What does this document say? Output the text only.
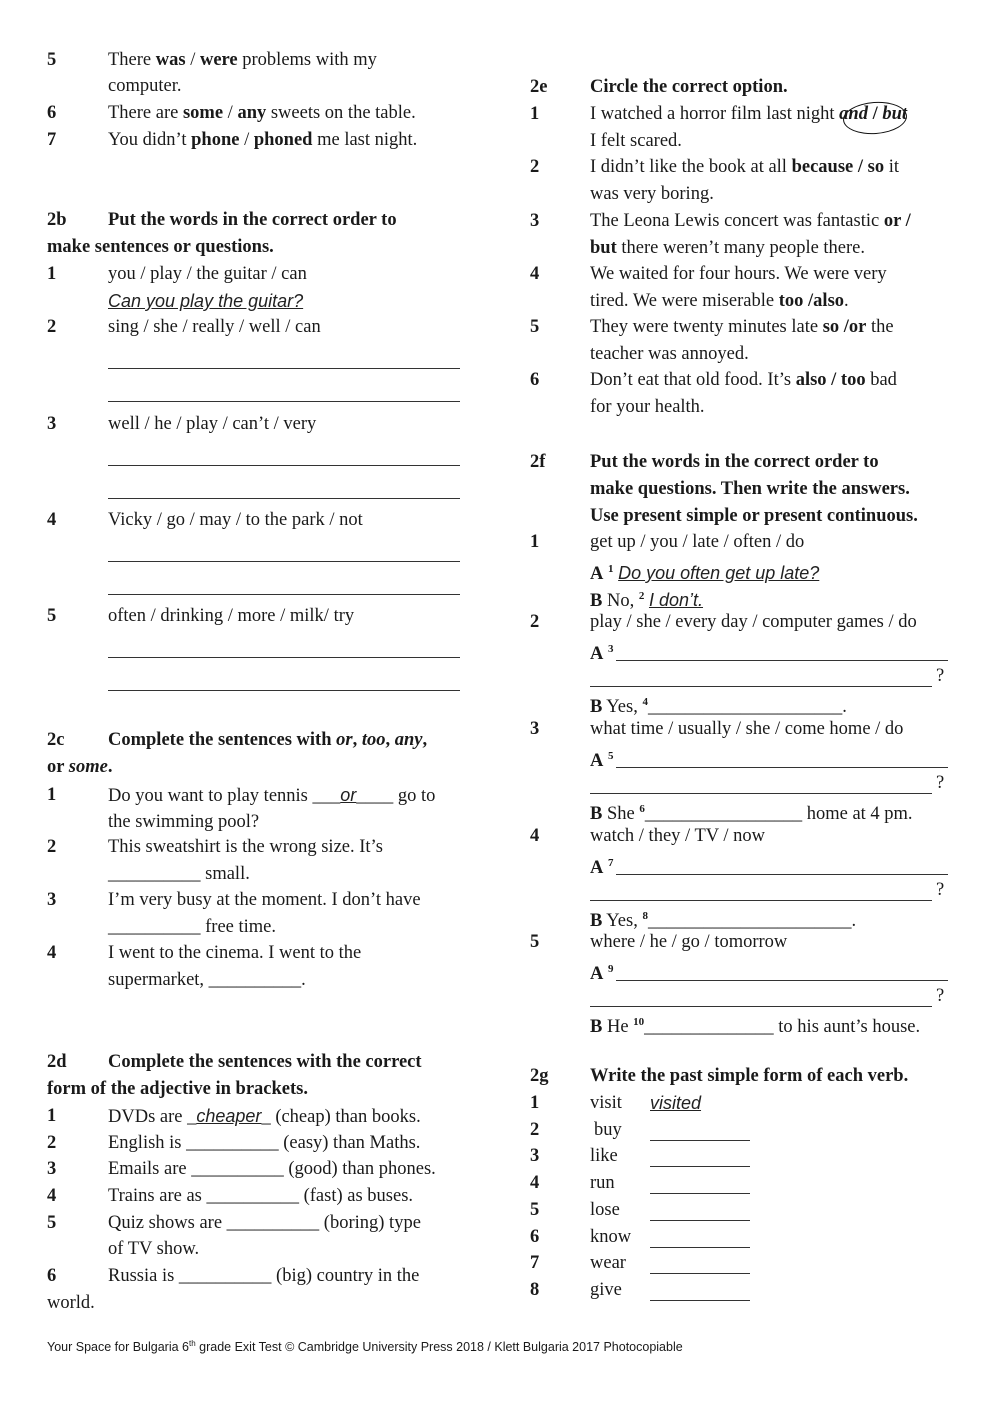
Your Space for Bulgaria 6th grade Exit Test © Cambridge University Press 2018 / Klett Bulgaria 2017 Photocopiable
5	There was / were problems with my
computer.
6	There are some / any sweets on the table.
7	You didn’t phone / phoned me last night.
2b Put the words in the correct order to
make sentences or questions.
1	you / play / the guitar / can
Can you play the guitar?
2	sing / she / really / well / can
3	well / he / play / can’t / very
4	Vicky / go / may / to the park / not
5	often / drinking / more / milk/ try
2c Complete the sentences with or, too, any,
or some.
1	Do you want to play tennis ___or____ go to
the swimming pool?
2	This sweatshirt is the wrong size. It’s
__________ small.
3	I’m very busy at the moment. I don’t have
__________ free time.
4	I went to the cinema. I went to the
supermarket, __________.
2d Complete the sentences with the correct
form of the adjective in brackets.
1	DVDs are _cheaper_ (cheap) than books.
2	English is __________ (easy) than Maths.
3	Emails are __________ (good) than phones.
4	Trains are as __________ (fast) as buses.
5	Quiz shows are __________ (boring) type
of TV show.
6	Russia is __________ (big) country in the
world.
2e Circle the correct option.
1	I watched a horror film last night and / but
I felt scared.
2	I didn’t like the book at all because / so it
was very boring.
3	The Leona Lewis concert was fantastic or /
but there weren’t many people there.
4	We waited for four hours. We were very
tired. We were miserable too /also.
5	They were twenty minutes late so /or the
teacher was annoyed.
6	Don’t eat that old food. It’s also / too bad
for your health.
2f Put the words in the correct order to
make questions. Then write the answers.
Use present simple or present continuous.
1	get up / you / late / often / do
A $^1$ Do you often get up late?
B No, $^2$ I don’t.
2	play / she / every day / computer games / do
A $^3$
?
B Yes, $^4$_____________________.
3	what time / usually / she / come home / do
A $^5$
?
B She $^6$_________________ home at 4 pm.
4	watch / they / TV / now
A $^7$
?
B Yes, $^8$______________________.
5	where / he / go / tomorrow
A $^9$
?
B He $^{10}$______________ to his aunt’s house.
2g Write the past simple form of each verb.
1	visit visited
2	buy
3	like
4	run
5	lose
6	know
7	wear
8	give
